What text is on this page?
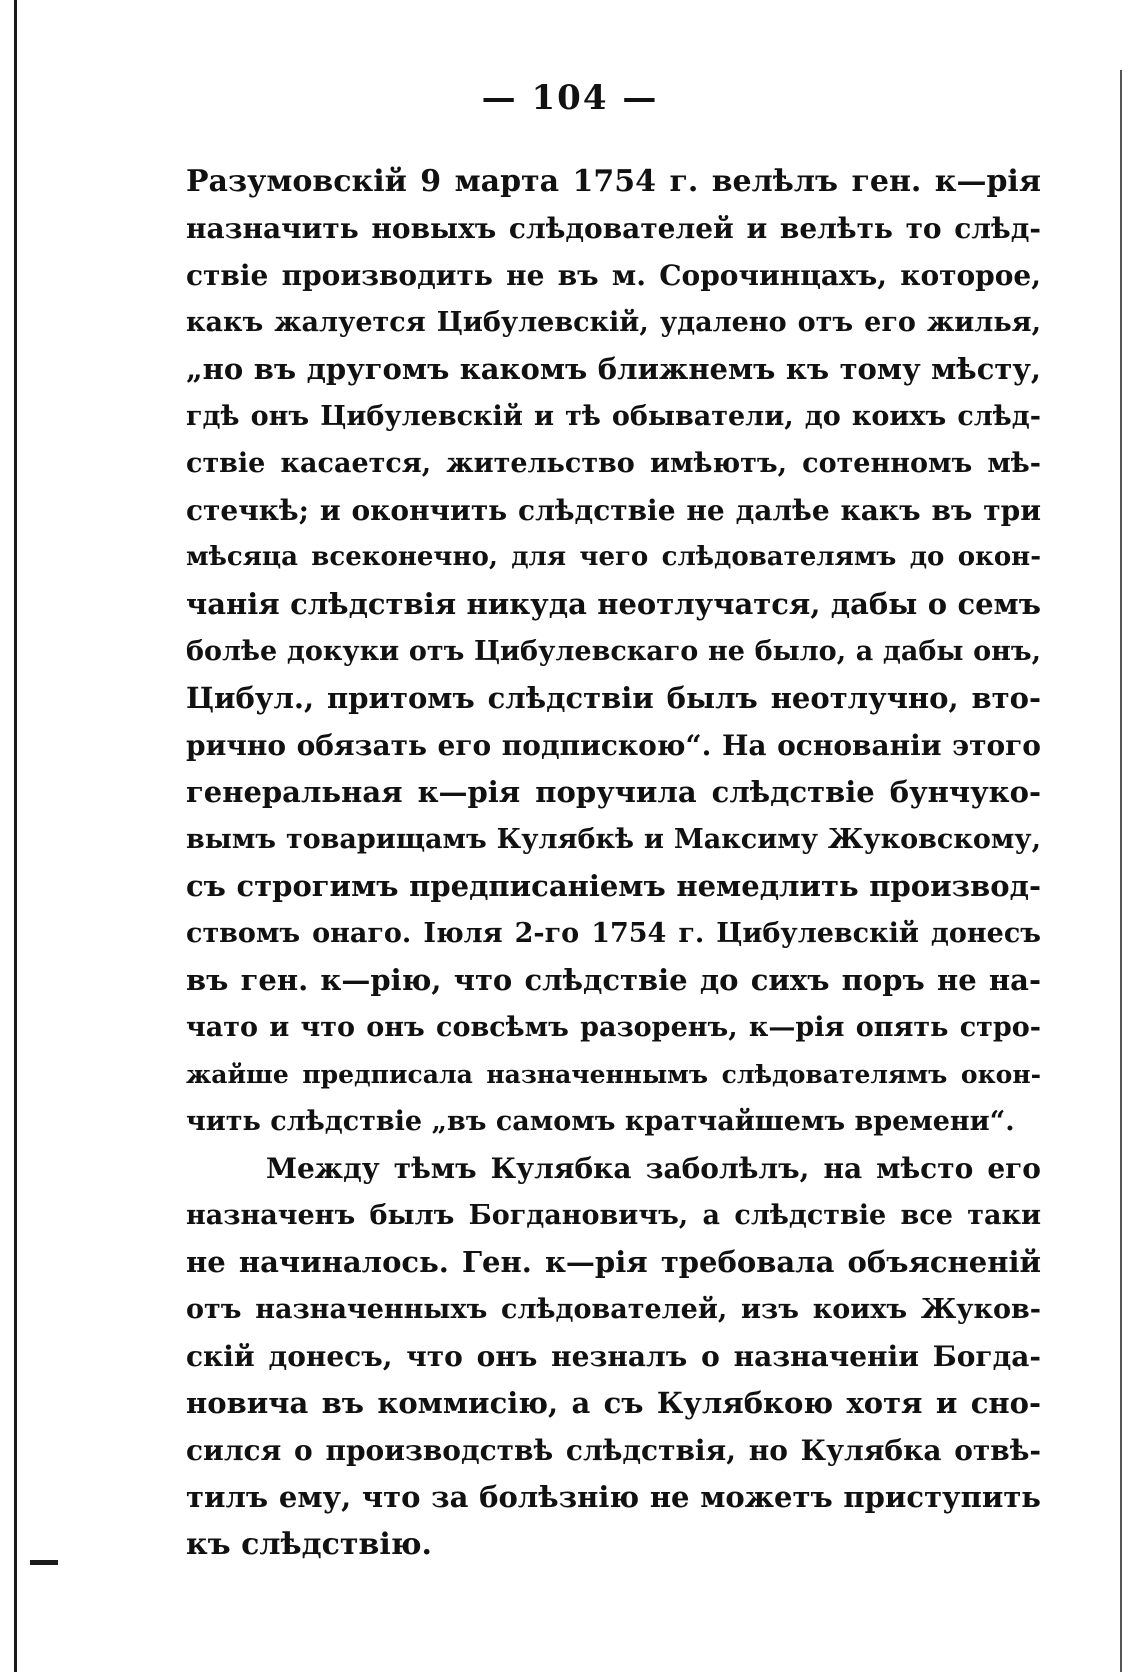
— 104 —
Разумовскій 9 марта 1754 г. велѣлъ ген. к—рія
назначить новыхъ слѣдователей и велѣть то слѣд-
ствіе производить не въ м. Сорочинцахъ, которое,
какъ жалуется Цибулевскій, удалено отъ его жилья,
„но въ другомъ какомъ ближнемъ къ тому мѣсту,
гдѣ онъ Цибулевскій и тѣ обыватели, до коихъ слѣд-
ствіе касается, жительство имѣютъ, сотенномъ мѣ-
стечкѣ; и окончить слѣдствіе не далѣе какъ въ три
мѣсяца всеконечно, для чего слѣдователямъ до окон-
чанія слѣдствія никуда неотлучатся, дабы о семъ
болѣе докуки отъ Цибулевскаго не было, а дабы онъ,
Цибул., притомъ слѣдствіи былъ неотлучно, вто-
рично обязать его подпискою“. На основаніи этого
генеральная к—рія поручила слѣдствіе бунчуко-
вымъ товарищамъ Кулябкѣ и Максиму Жуковскому,
съ строгимъ предписаніемъ немедлить производ-
ствомъ онаго. Іюля 2-го 1754 г. Цибулевскій донесъ
въ ген. к—рію, что слѣдствіе до сихъ поръ не на-
чато и что онъ совсѣмъ разоренъ, к—рія опять стро-
жайше предписала назначеннымъ слѣдователямъ окон-
чить слѣдствіе „въ самомъ кратчайшемъ времени“.
Между тѣмъ Кулябка заболѣлъ, на мѣсто его
назначенъ былъ Богдановичъ, а слѣдствіе все таки
не начиналось. Ген. к—рія требовала объясненій
отъ назначенныхъ слѣдователей, изъ коихъ Жуков-
скій донесъ, что онъ незналъ о назначеніи Богда-
новича въ коммисію, а съ Кулябкою хотя и сно-
сился о производствѣ слѣдствія, но Кулябка отвѣ-
тилъ ему, что за болѣзнію не можетъ приступить
къ слѣдствію.
